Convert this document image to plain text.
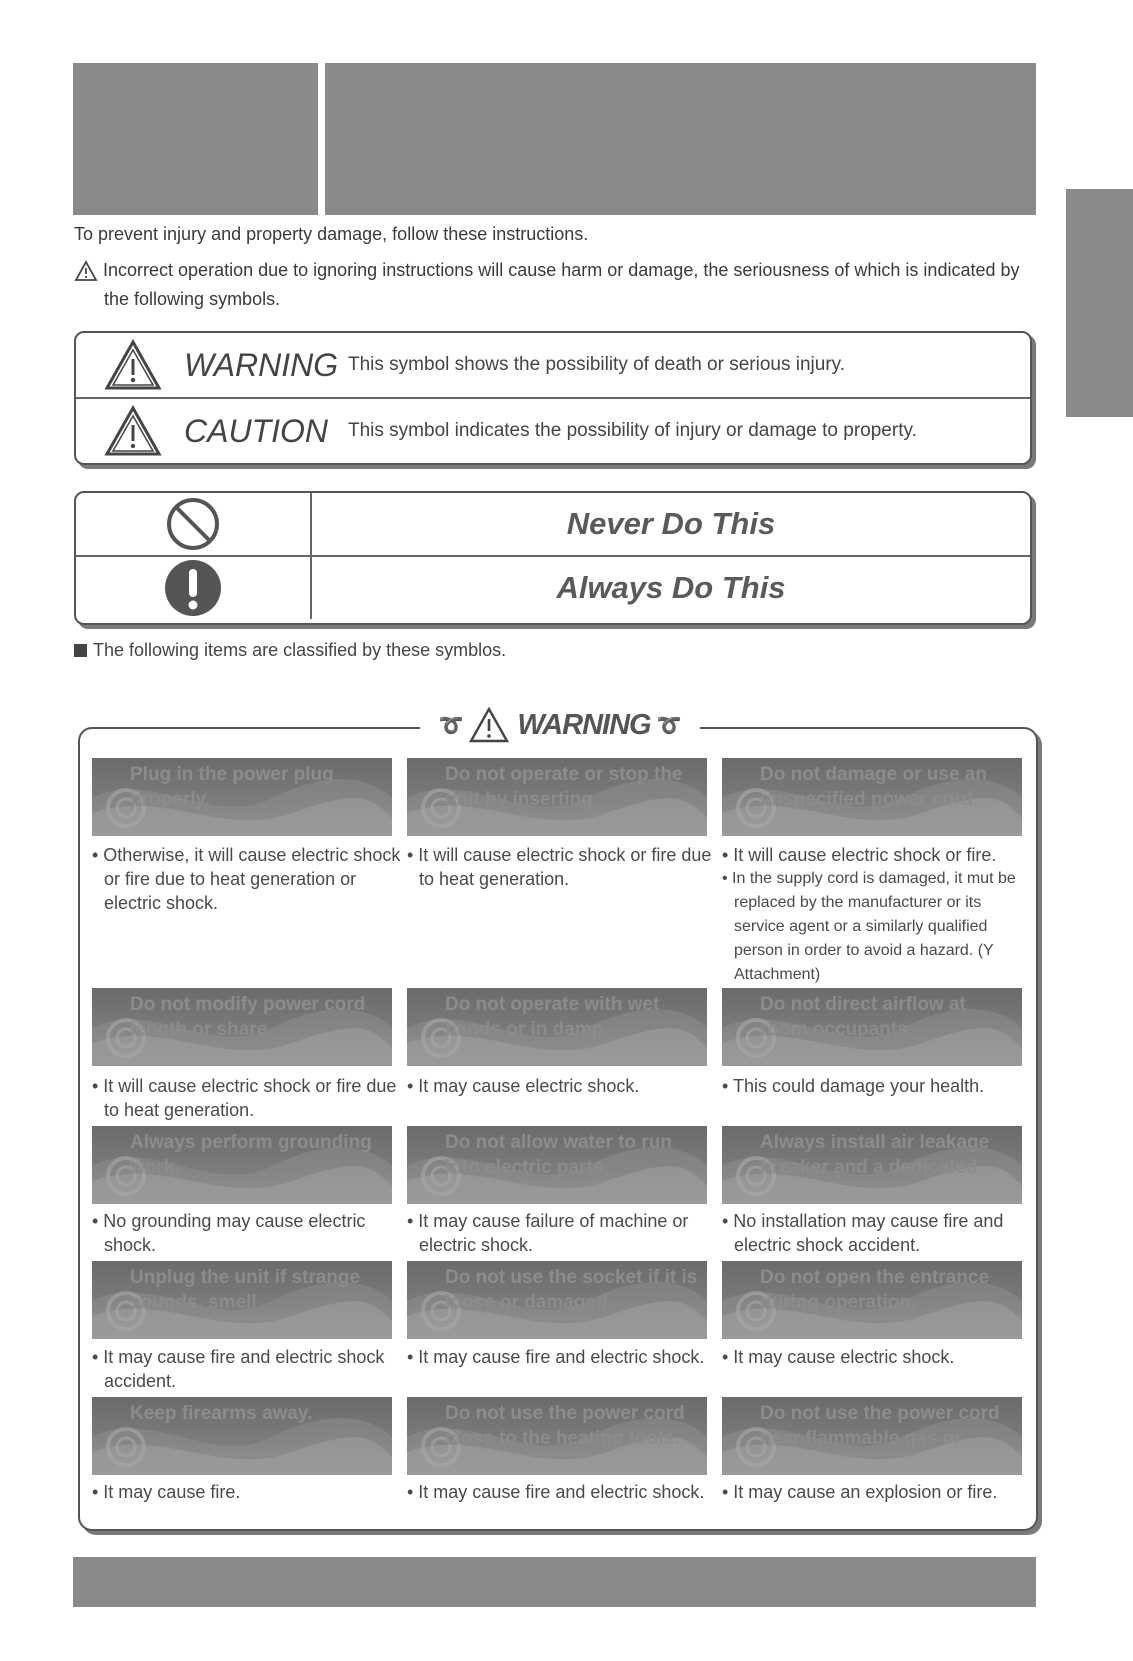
To prevent injury and property damage, follow these instructions.
Incorrect operation due to ignoring instructions will cause harm or damage, the seriousness of which is indicated by the following symbols.
WARNING This symbol shows the possibility of death or serious injury.
CAUTION	This symbol indicates the possibility of injury or damage to property.
Never Do This
Always Do This
The following items are classified by these symblos.
➰ WARNING ➰
Plug in the power plug properly.
• Otherwise, it will cause electric shock or fire due to heat generation or electric shock.
Do not operate or stop the unit by inserting
• It will cause electric shock or fire due to heat generation.
Do not damage or use an unspecified power cord.
• It will cause electric shock or fire.
• In the supply cord is damaged, it mut be replaced by the manufacturer or its service agent or a similarly qualified person in order to avoid a hazard. (Y Attachment)
Do not modify power cord length or share
• It will cause electric shock or fire due to heat generation.
Do not operate with wet hands or in damp
• It may cause electric shock.
Do not direct airflow at room occupants
• This could damage your health.
Always perform grounding work.
• No grounding may cause electric shock.
Do not allow water to run into electric parts.
• It may cause failure of machine or electric shock.
Always install air leakage breaker and a dedicated
• No installation may cause fire and electric shock accident.
Unplug the unit if strange sounds, smell
• It may cause fire and electric shock accident.
Do not use the socket if it is loose or damaged.
• It may cause fire and electric shock.
Do not open the entrance during operation.
• It may cause electric shock.
Keep firearms away.
• It may cause fire.
Do not use the power cord close to the heating tools.
• It may cause fire and electric shock.
Do not use the power cord near flammable gas or
• It may cause an explosion or fire.
